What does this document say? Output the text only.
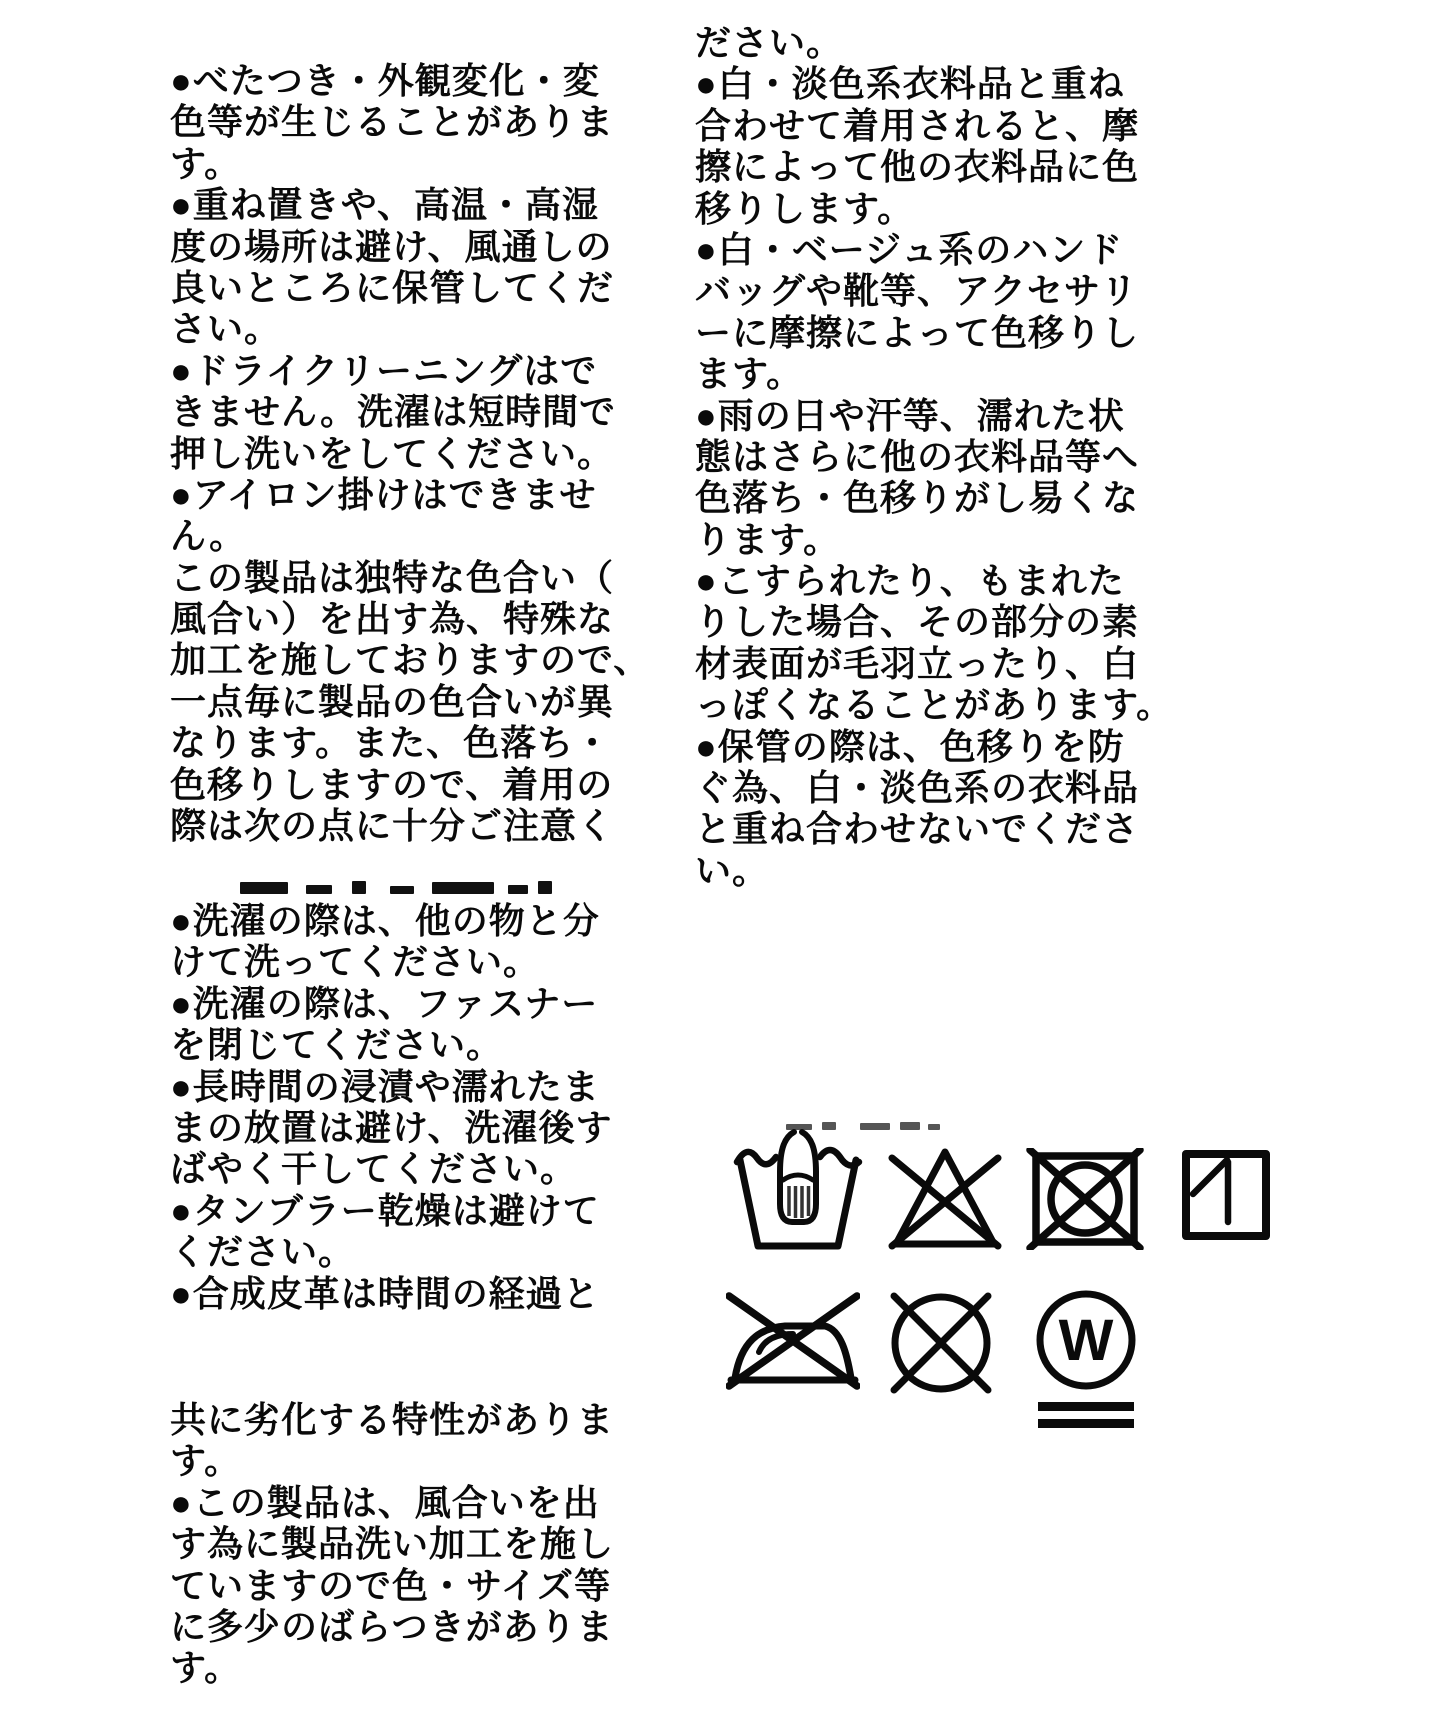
●べたつき・外観変化・変
色等が生じることがありま
す。
●重ね置きや、高温・高湿
度の場所は避け、風通しの
良いところに保管してくだ
さい。
●ドライクリーニングはで
きません。洗濯は短時間で
押し洗いをしてください。
●アイロン掛けはできませ
ん。
この製品は独特な色合い（
風合い）を出す為、特殊な
加工を施しておりますので、
一点毎に製品の色合いが異
なります。また、色落ち・
色移りしますので、着用の
際は次の点に十分ご注意く
●洗濯の際は、他の物と分
けて洗ってください。
●洗濯の際は、ファスナー
を閉じてください。
●長時間の浸漬や濡れたま
まの放置は避け、洗濯後す
ばやく干してください。
●タンブラー乾燥は避けて
ください。
●合成皮革は時間の経過と
共に劣化する特性がありま
す。
●この製品は、風合いを出
す為に製品洗い加工を施し
ていますので色・サイズ等
に多少のばらつきがありま
す。
ださい。
●白・淡色系衣料品と重ね
合わせて着用されると、摩
擦によって他の衣料品に色
移りします。
●白・ベージュ系のハンド
バッグや靴等、アクセサリ
ーに摩擦によって色移りし
ます。
●雨の日や汗等、濡れた状
態はさらに他の衣料品等へ
色落ち・色移りがし易くな
ります。
●こすられたり、もまれた
りした場合、その部分の素
材表面が毛羽立ったり、白
っぽくなることがあります。
●保管の際は、色移りを防
ぐ為、白・淡色系の衣料品
と重ね合わせないでくださ
い。
W
